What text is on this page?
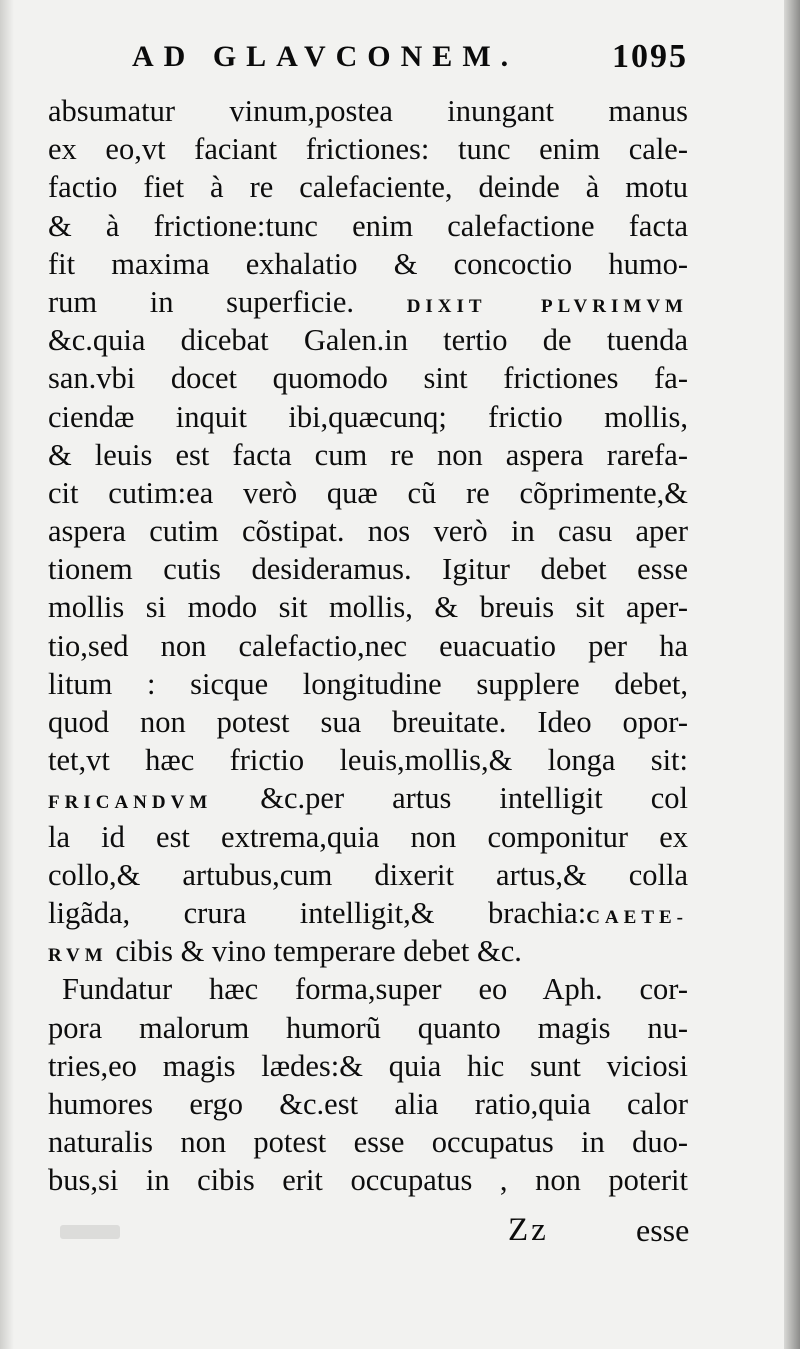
AD GLAVCONEM.	1095
absumatur vinum,postea inungant manus
ex eo,vt faciant frictiones: tunc enim cale-
factio fiet à re calefaciente, deinde à motu
& à frictione:tunc enim calefactione facta
fit maxima exhalatio & concoctio humo-
rum in superficie. DIXIT PLVRIMVM
&c.quia dicebat Galen.in tertio de tuenda
san.vbi docet quomodo sint frictiones fa-
ciendæ inquit ibi,quæcunq; frictio mollis,
& leuis est facta cum re non aspera rarefa-
cit cutim:ea verò quæ cũ re cõprimente,&
aspera cutim cõstipat. nos verò in casu aper
tionem cutis desideramus. Igitur debet esse
mollis si modo sit mollis, & breuis sit aper-
tio,sed non calefactio,nec euacuatio per ha
litum : sicque longitudine supplere debet,
quod non potest sua breuitate. Ideo opor-
tet,vt hæc frictio leuis,mollis,& longa sit:
FRICANDVM &c.per artus intelligit col
la id est extrema,quia non componitur ex
collo,& artubus,cum dixerit artus,& colla
ligãda, crura intelligit,& brachia:CAETE-
RVM cibis & vino temperare debet &c.
Fundatur hæc forma,super eo Aph. cor-
pora malorum humorũ quanto magis nu-
tries,eo magis lædes:& quia hic sunt viciosi
humores ergo &c.est alia ratio,quia calor
naturalis non potest esse occupatus in duo-
bus,si in cibis erit occupatus , non poterit
Zz	esse
